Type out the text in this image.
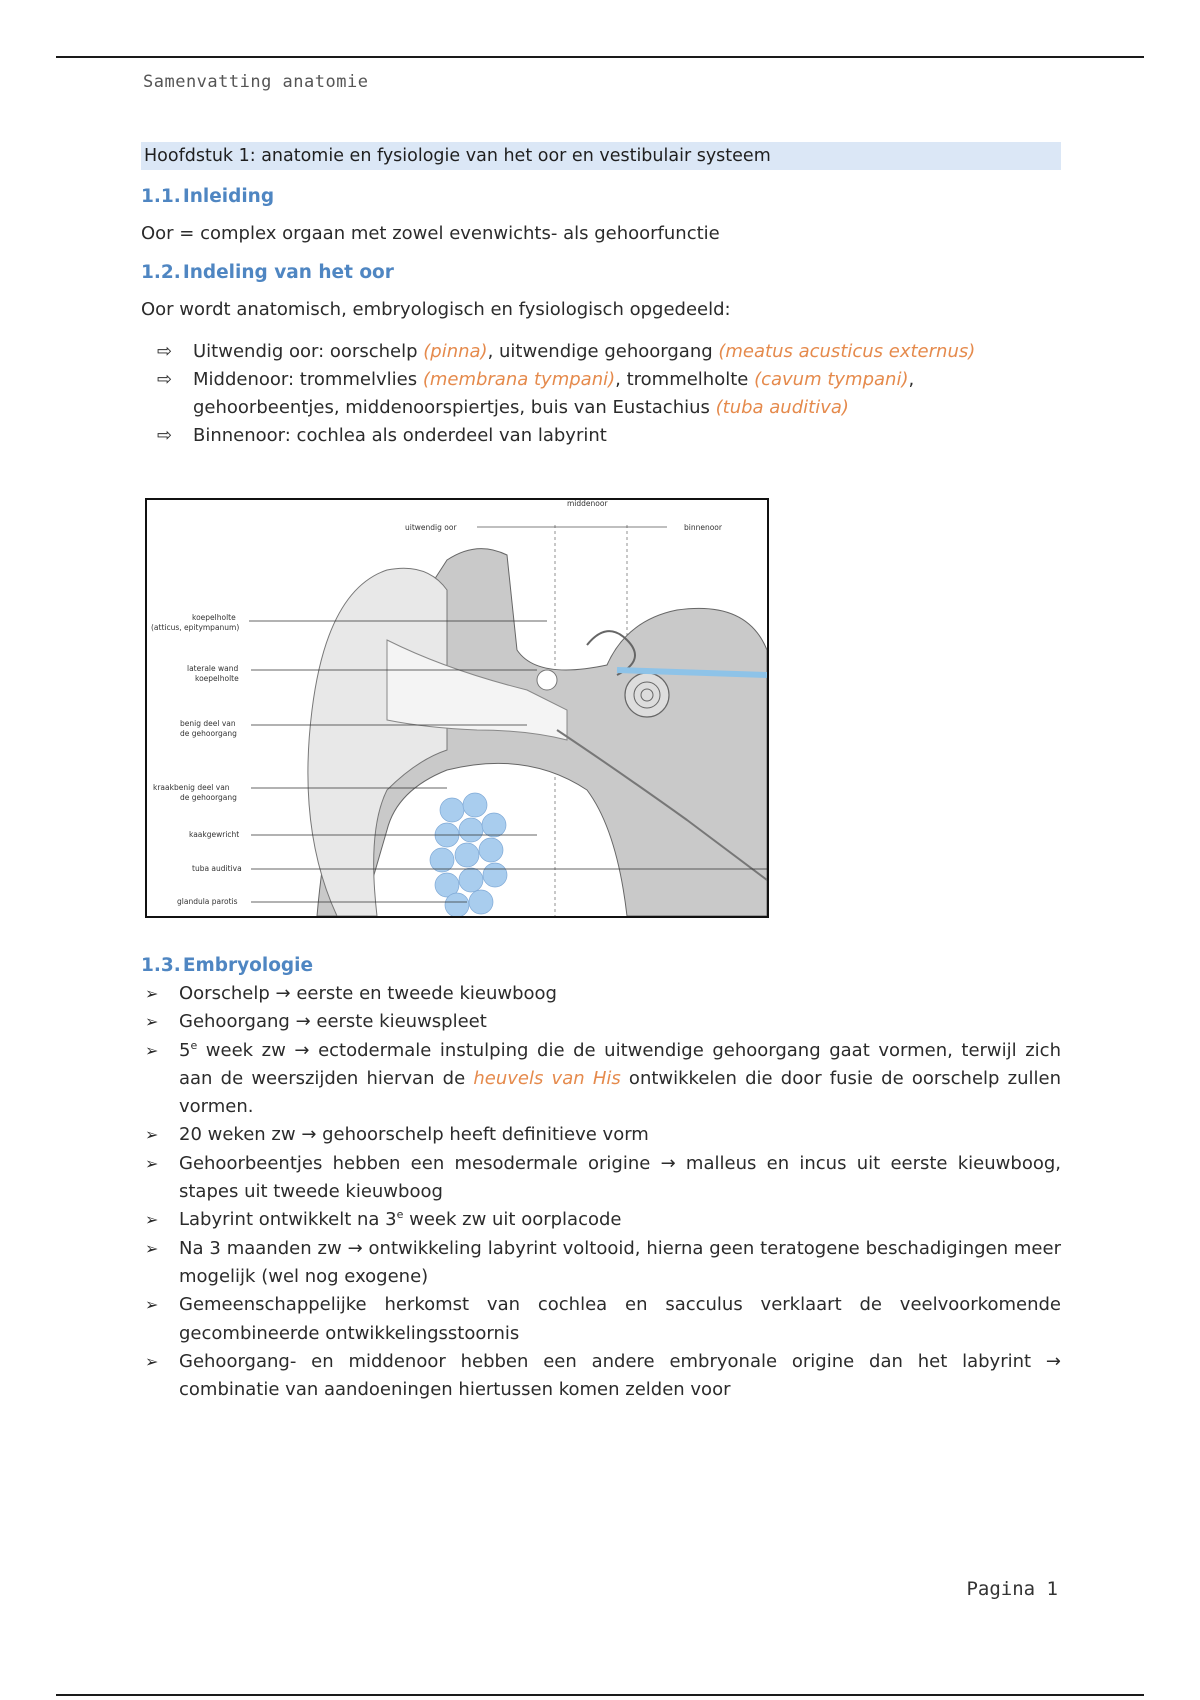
Samenvatting anatomie
Hoofdstuk 1: anatomie en fysiologie van het oor en vestibulair systeem
1.1. Inleiding

Oor = complex orgaan met zowel evenwichts- als gehoorfunctie

1.2. Indeling van het oor

Oor wordt anatomisch, embryologisch en fysiologisch opgedeeld:

⇨ Uitwendig oor: oorschelp (pinna), uitwendige gehoorgang (meatus acusticus externus)
⇨ Middenoor: trommelvlies (membrana tympani), trommelholte (cavum tympani), gehoorbeentjes, middenoorspiertjes, buis van Eustachius (tuba auditiva)
⇨ Binnenoor: cochlea als onderdeel van labyrint
middenoor
uitwendig oor	binnenoor
koepelholte
(atticus, epitympanum)
laterale wand
koepelholte
benig deel van
de gehoorgang
kraakbenig deel van
de gehoorgang
kaakgewricht
tuba auditiva
glandula parotis
1.3. Embryologie
➢ Oorschelp → eerste en tweede kieuwboog
➢ Gehoorgang → eerste kieuwspleet
➢ 5e week zw → ectodermale instulping die de uitwendige gehoorgang gaat vormen, terwijl zich aan de weerszijden hiervan de heuvels van His ontwikkelen die door fusie de oorschelp zullen vormen.
➢ 20 weken zw → gehoorschelp heeft definitieve vorm
➢ Gehoorbeentjes hebben een mesodermale origine → malleus en incus uit eerste kieuwboog, stapes uit tweede kieuwboog
➢ Labyrint ontwikkelt na 3e week zw uit oorplacode
➢ Na 3 maanden zw → ontwikkeling labyrint voltooid, hierna geen teratogene beschadigingen meer mogelijk (wel nog exogene)
➢ Gemeenschappelijke herkomst van cochlea en sacculus verklaart de veelvoorkomende gecombineerde ontwikkelingsstoornis
➢ Gehoorgang- en middenoor hebben een andere embryonale origine dan het labyrint → combinatie van aandoeningen hiertussen komen zelden voor
Pagina 1
